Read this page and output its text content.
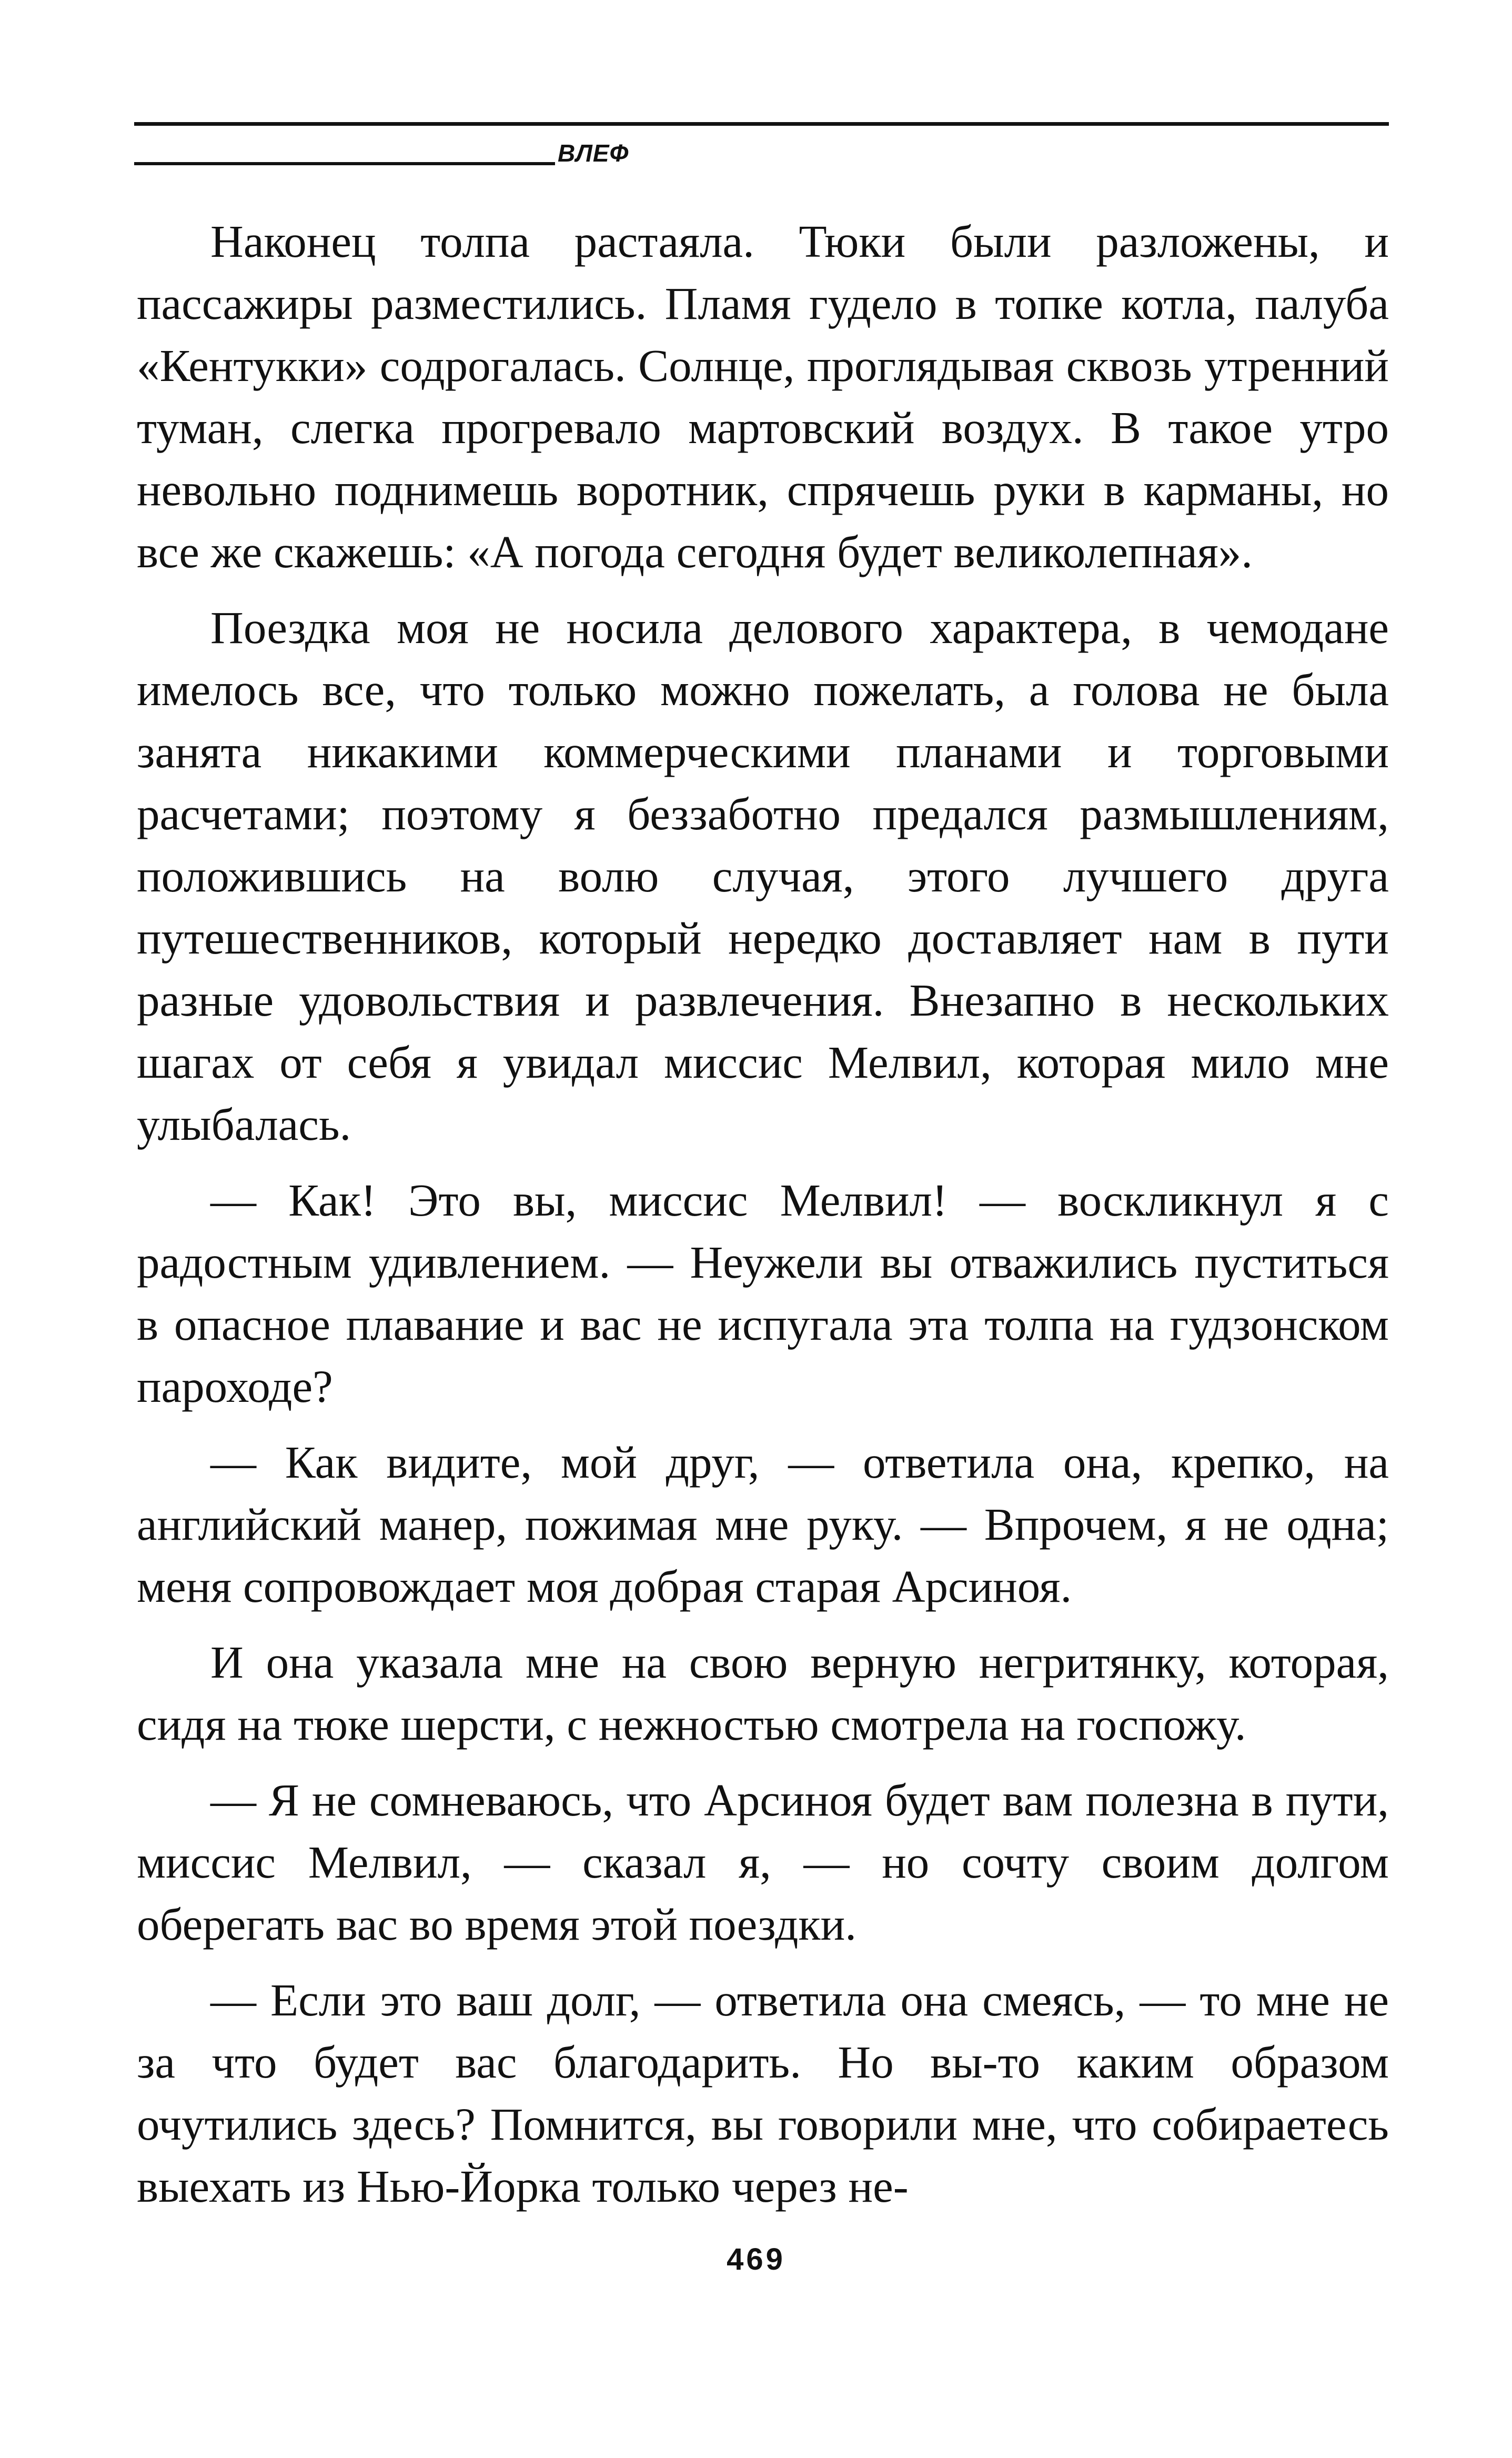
ВЛЕФ

Наконец толпа растаяла. Тюки были разложены, и пассажиры разместились. Пламя гудело в топке котла, палуба «Кентукки» содрогалась. Солнце, проглядывая сквозь утренний туман, слегка прогревало мартовский воздух. В такое утро невольно поднимешь воротник, спрячешь руки в карманы, но все же скажешь: «А погода сегодня будет великолепная».

Поездка моя не носила делового характера, в чемодане имелось все, что только можно пожелать, а голова не была занята никакими коммерческими планами и торговыми расчетами; поэтому я беззаботно предался размышлениям, положившись на волю случая, этого лучшего друга путешественников, который нередко доставляет нам в пути разные удовольствия и развлечения. Внезапно в нескольких шагах от себя я увидал миссис Мелвил, которая мило мне улыбалась.

— Как! Это вы, миссис Мелвил! — воскликнул я с радостным удивлением. — Неужели вы отважились пуститься в опасное плавание и вас не испугала эта толпа на гудзонском пароходе?

— Как видите, мой друг, — ответила она, крепко, на английский манер, пожимая мне руку. — Впрочем, я не одна; меня сопровождает моя добрая старая Арсиноя.

И она указала мне на свою верную негритянку, которая, сидя на тюке шерсти, с нежностью смотрела на госпожу.

— Я не сомневаюсь, что Арсиноя будет вам полезна в пути, миссис Мелвил, — сказал я, — но сочту своим долгом оберегать вас во время этой поездки.

— Если это ваш долг, — ответила она смеясь, — то мне не за что будет вас благодарить. Но вы-то каким образом очутились здесь? Помнится, вы говорили мне, что собираетесь выехать из Нью-Йорка только через не-

469
